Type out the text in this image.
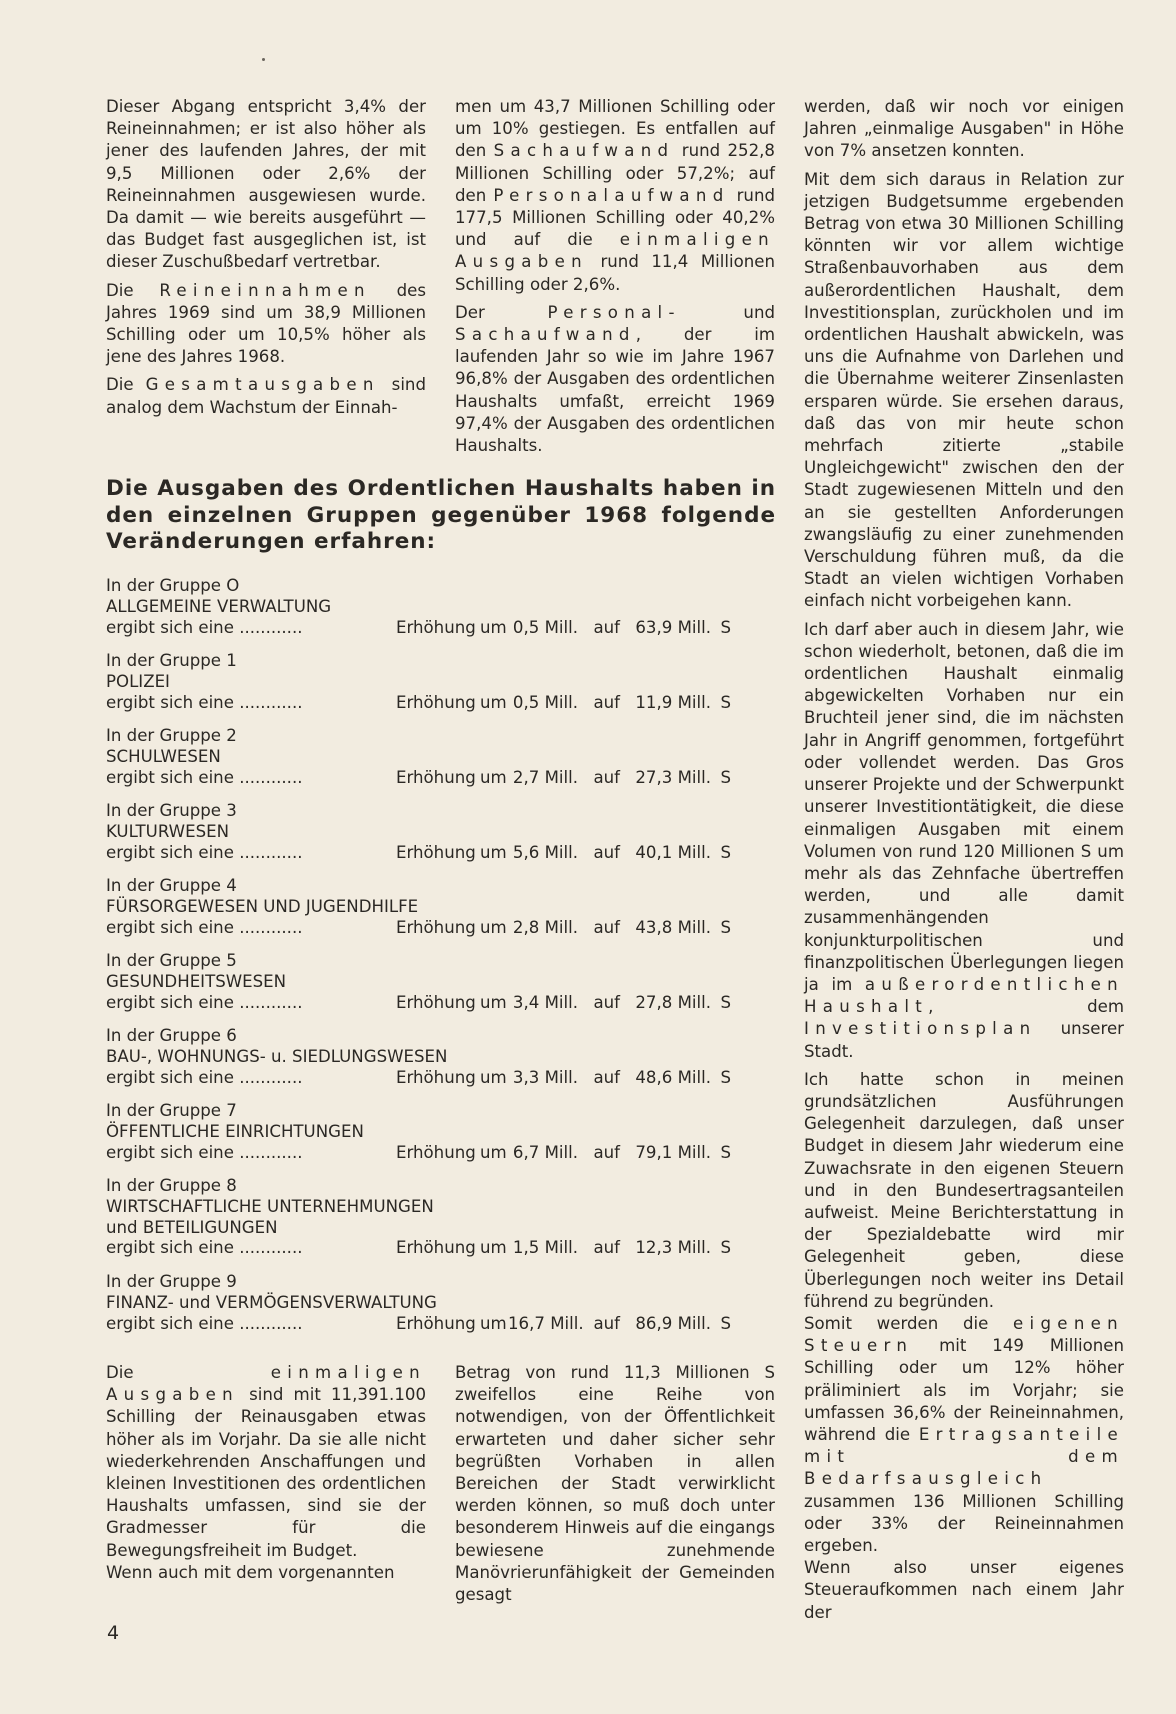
Dieser Abgang entspricht 3,4% der Reineinnahmen; er ist also höher als jener des laufenden Jahres, der mit 9,5 Millionen oder 2,6% der Reineinnahmen ausgewiesen wurde. Da damit — wie bereits ausgeführt — das Budget fast ausgeglichen ist, ist dieser Zuschußbedarf vertretbar.

Die Reineinnahmen des Jahres 1969 sind um 38,9 Millionen Schilling oder um 10,5% höher als jene des Jahres 1968.

Die Gesamtausgaben sind analog dem Wachstum der Einnah-

men um 43,7 Millionen Schilling oder um 10% gestiegen. Es entfallen auf den Sachaufwand rund 252,8 Millionen Schilling oder 57,2%; auf den Personalaufwand rund 177,5 Millionen Schilling oder 40,2% und auf die einmaligen Ausgaben rund 11,4 Millionen Schilling oder 2,6%.

Der Personal- und Sachaufwand, der im laufenden Jahr so wie im Jahre 1967 96,8% der Ausgaben des ordentlichen Haushalts umfaßt, erreicht 1969 97,4% der Ausgaben des ordentlichen Haushalts.

Die Ausgaben des Ordentlichen Haushalts haben in den einzelnen Gruppen gegenüber 1968 folgende Veränderungen erfahren:
In der Gruppe O
ALLGEMEINE VERWALTUNG
ergibt sich eine ............	Erhöhung um 0,5 Mill. auf 63,9 Mill. S
In der Gruppe 1
POLIZEI
ergibt sich eine ............	Erhöhung um 0,5 Mill. auf 11,9 Mill. S
In der Gruppe 2
SCHULWESEN
ergibt sich eine ............	Erhöhung um 2,7 Mill. auf 27,3 Mill. S
In der Gruppe 3
KULTURWESEN
ergibt sich eine ............	Erhöhung um 5,6 Mill. auf 40,1 Mill. S
In der Gruppe 4
FÜRSORGEWESEN UND JUGENDHILFE
ergibt sich eine ............	Erhöhung um 2,8 Mill. auf 43,8 Mill. S
In der Gruppe 5
GESUNDHEITSWESEN
ergibt sich eine ............	Erhöhung um 3,4 Mill. auf 27,8 Mill. S
In der Gruppe 6
BAU-, WOHNUNGS- u. SIEDLUNGSWESEN
ergibt sich eine ............	Erhöhung um 3,3 Mill. auf 48,6 Mill. S
In der Gruppe 7
ÖFFENTLICHE EINRICHTUNGEN
ergibt sich eine ............	Erhöhung um 6,7 Mill. auf 79,1 Mill. S
In der Gruppe 8
WIRTSCHAFTLICHE UNTERNEHMUNGEN
und BETEILIGUNGEN
ergibt sich eine ............	Erhöhung um 1,5 Mill. auf 12,3 Mill. S
In der Gruppe 9
FINANZ- und VERMÖGENSVERWALTUNG
ergibt sich eine ............	Erhöhung um 16,7 Mill. auf 86,9 Mill. S

Die einmaligen Ausgaben sind mit 11,391.100 Schilling der Reinausgaben etwas höher als im Vorjahr. Da sie alle nicht wiederkehrenden Anschaffungen und kleinen Investitionen des ordentlichen Haushalts umfassen, sind sie der Gradmesser für die Bewegungsfreiheit im Budget.

Wenn auch mit dem vorgenannten

Betrag von rund 11,3 Millionen S zweifellos eine Reihe von notwendigen, von der Öffentlichkeit erwarteten und daher sicher sehr begrüßten Vorhaben in allen Bereichen der Stadt verwirklicht werden können, so muß doch unter besonderem Hinweis auf die eingangs bewiesene zunehmende Manövrierunfähigkeit der Gemeinden gesagt

werden, daß wir noch vor einigen Jahren „einmalige Ausgaben" in Höhe von 7% ansetzen konnten.

Mit dem sich daraus in Relation zur jetzigen Budgetsumme ergebenden Betrag von etwa 30 Millionen Schilling könnten wir vor allem wichtige Straßenbauvorhaben aus dem außerordentlichen Haushalt, dem Investitionsplan, zurückholen und im ordentlichen Haushalt abwickeln, was uns die Aufnahme von Darlehen und die Übernahme weiterer Zinsenlasten ersparen würde. Sie ersehen daraus, daß das von mir heute schon mehrfach zitierte „stabile Ungleichgewicht" zwischen den der Stadt zugewiesenen Mitteln und den an sie gestellten Anforderungen zwangsläufig zu einer zunehmenden Verschuldung führen muß, da die Stadt an vielen wichtigen Vorhaben einfach nicht vorbeigehen kann.

Ich darf aber auch in diesem Jahr, wie schon wiederholt, betonen, daß die im ordentlichen Haushalt einmalig abgewickelten Vorhaben nur ein Bruchteil jener sind, die im nächsten Jahr in Angriff genommen, fortgeführt oder vollendet werden. Das Gros unserer Projekte und der Schwerpunkt unserer Investitiontätigkeit, die diese einmaligen Ausgaben mit einem Volumen von rund 120 Millionen S um mehr als das Zehnfache übertreffen werden, und alle damit zusammenhängenden konjunkturpolitischen und finanzpolitischen Überlegungen liegen ja im außerordentlichen Haushalt, dem Investitionsplan unserer Stadt.

Ich hatte schon in meinen grundsätzlichen Ausführungen Gelegenheit darzulegen, daß unser Budget in diesem Jahr wiederum eine Zuwachsrate in den eigenen Steuern und in den Bundesertragsanteilen aufweist. Meine Berichterstattung in der Spezialdebatte wird mir Gelegenheit geben, diese Überlegungen noch weiter ins Detail führend zu begründen.

Somit werden die eigenen Steuern mit 149 Millionen Schilling oder um 12% höher präliminiert als im Vorjahr; sie umfassen 36,6% der Reineinnahmen, während die Ertragsanteile mit dem Bedarfsausgleich zusammen 136 Millionen Schilling oder 33% der Reineinnahmen ergeben.

Wenn also unser eigenes Steueraufkommen nach einem Jahr der

4
